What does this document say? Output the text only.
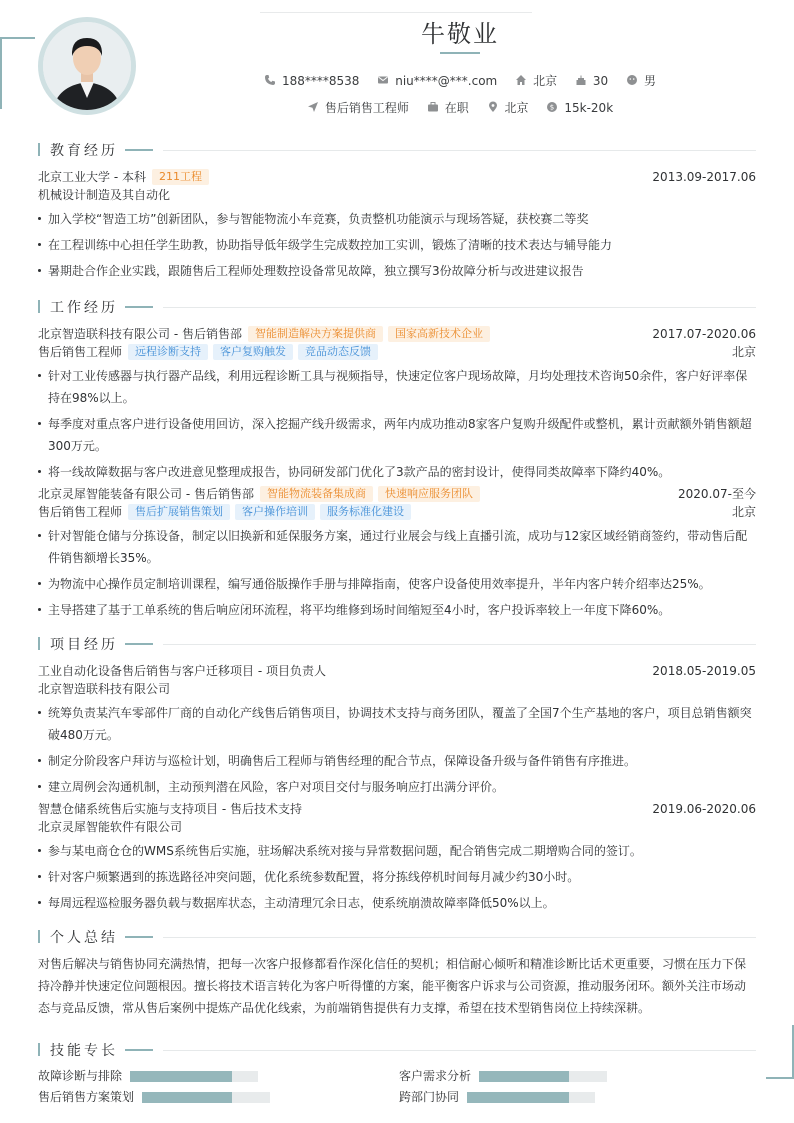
牛敬业
188****8538	niu****@***.com	北京	30	男
售后销售工程师	在职	北京	$ 15k-20k
教育经历
北京工业大学 - 本科 211工程	2013.09-2017.06
机械设计制造及其自动化
加入学校“智造工坊”创新团队，参与智能物流小车竞赛，负责整机功能演示与现场答疑，获校赛二等奖
在工程训练中心担任学生助教，协助指导低年级学生完成数控加工实训，锻炼了清晰的技术表达与辅导能力
暑期赴合作企业实践，跟随售后工程师处理数控设备常见故障，独立撰写3份故障分析与改进建议报告
工作经历
北京智造联科技有限公司 - 售后销售部 智能制造解决方案提供商 国家高新技术企业	2017.07-2020.06
售后销售工程师 远程诊断支持 客户复购触发 竞品动态反馈	北京
针对工业传感器与执行器产品线，利用远程诊断工具与视频指导，快速定位客户现场故障，月均处理技术咨询50余件，客户好评率保持在98%以上。
每季度对重点客户进行设备使用回访，深入挖掘产线升级需求，两年内成功推动8家客户复购升级配件或整机，累计贡献额外销售额超300万元。
将一线故障数据与客户改进意见整理成报告，协同研发部门优化了3款产品的密封设计，使得同类故障率下降约40%。
北京灵犀智能装备有限公司 - 售后销售部 智能物流装备集成商 快速响应服务团队	2020.07-至今
售后销售工程师 售后扩展销售策划 客户操作培训 服务标准化建设	北京
针对智能仓储与分拣设备，制定以旧换新和延保服务方案，通过行业展会与线上直播引流，成功与12家区域经销商签约，带动售后配件销售额增长35%。
为物流中心操作员定制培训课程，编写通俗版操作手册与排障指南，使客户设备使用效率提升，半年内客户转介绍率达25%。
主导搭建了基于工单系统的售后响应闭环流程，将平均维修到场时间缩短至4小时，客户投诉率较上一年度下降60%。
项目经历
工业自动化设备售后销售与客户迁移项目 - 项目负责人	2018.05-2019.05
北京智造联科技有限公司
统筹负责某汽车零部件厂商的自动化产线售后销售项目，协调技术支持与商务团队，覆盖了全国7个生产基地的客户，项目总销售额突破480万元。
制定分阶段客户拜访与巡检计划，明确售后工程师与销售经理的配合节点，保障设备升级与备件销售有序推进。
建立周例会沟通机制，主动预判潜在风险，客户对项目交付与服务响应打出满分评价。
智慧仓储系统售后实施与支持项目 - 售后技术支持	2019.06-2020.06
北京灵犀智能软件有限公司
参与某电商仓仓的WMS系统售后实施，驻场解决系统对接与异常数据问题，配合销售完成二期增购合同的签订。
针对客户频繁遇到的拣选路径冲突问题，优化系统参数配置，将分拣线停机时间每月减少约30小时。
每周远程巡检服务器负载与数据库状态，主动清理冗余日志，使系统崩溃故障率降低50%以上。
个人总结
对售后解决与销售协同充满热情，把每一次客户报修都看作深化信任的契机；相信耐心倾听和精准诊断比话术更重要，习惯在压力下保持冷静并快速定位问题根因。擅长将技术语言转化为客户听得懂的方案，能平衡客户诉求与公司资源，推动服务闭环。额外关注市场动态与竞品反馈，常从售后案例中提炼产品优化线索，为前端销售提供有力支撑，希望在技术型销售岗位上持续深耕。
技能专长
故障诊断与排除	客户需求分析
售后销售方案策划	跨部门协同
